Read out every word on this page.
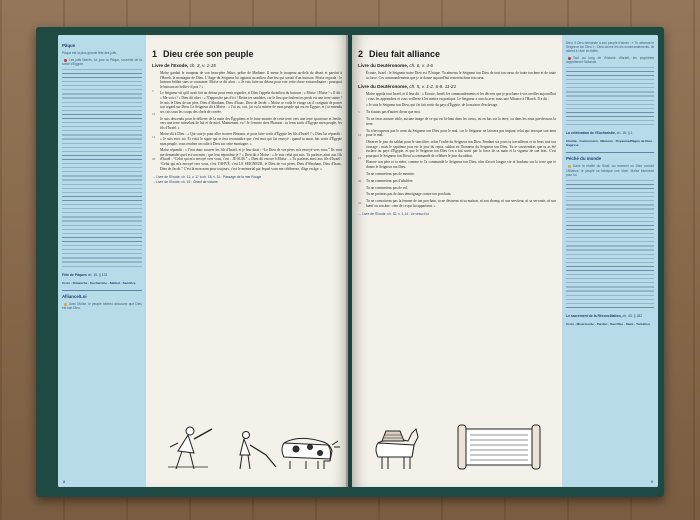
Pâque
Pâque est la plus grande fête des juifs.
Les juifs libérés, se joue la Pâque, souvenir de la sortie d'Égypte.
Fête de Pâques ch. 15, § 131
Croix · Dimanche · Eucharistie · Sabbat · Sacrifice
Alliance/Loi
Avec Moïse, le peuple hébreu découvre que Dieu est son Dieu.
1 Dieu crée son peuple
Livre de l'Exode, ch. 3, v. 1-15

Moïse gardait le troupeau de son beau-père Jéthro, prêtre de Madiane. Il mena le troupeau au-delà du désert et parvint à l'Horeb, la montagne de Dieu. L'Ange du Seigneur lui apparut au milieu d'un feu qui sortait d'un buisson. Moïse regarda : le buisson brûlait sans se consumer. Moïse se dit alors : « Je vais faire un détour pour voir cette chose extraordinaire : pourquoi le buisson ne brûle-t-il pas ? »

Le Seigneur vit qu'il avait fait un détour pour venir regarder, et Dieu l'appela du milieu du buisson : « Moïse ! Moïse ! » Il dit : « Me voici ! » Dieu dit alors : « N'approche pas d'ici ! Retire tes sandales, car le lieu que foulent tes pieds est une terre sainte ! Je suis le Dieu de ton père, Dieu d'Abraham, Dieu d'Isaac, Dieu de Jacob. » Moïse se voila le visage car il craignait de porter son regard sur Dieu. Le Seigneur dit à Moïse : « J'ai vu, oui, j'ai vu la misère de mon peuple qui est en Égypte, et j'ai entendu ses cris sous les coups des chefs de corvée.

Je suis descendu pour le délivrer de la main des Égyptiens et le faire monter de cette terre vers une terre spacieuse et fertile, vers une terre ruisselant de lait et de miel. Maintenant, va ! Je t'envoie chez Pharaon : tu feras sortir d'Égypte mon peuple, les fils d'Israël. »

Moïse dit à Dieu : « Qui suis-je pour aller trouver Pharaon, et pour faire sortir d'Égypte les fils d'Israël ? » Dieu lui répondit : « Je suis avec toi. Et voici le signe qui te fera reconnaître que c'est moi qui t'ai envoyé : quand tu auras fait sortir d'Égypte mon peuple, vous rendrez un culte à Dieu sur cette montagne. »

Moïse répondit : « J'irai donc trouver les fils d'Israël, et je leur dirai : “Le Dieu de vos pères m'a envoyé vers vous.” Ils vont me demander quel est son nom ; que leur répondrai-je ? » Dieu dit à Moïse : « Je suis celui qui suis. Tu parleras ainsi aux fils d'Israël : “Celui qui m'a envoyé vers vous, c'est : JE-SUIS.” » Dieu dit encore à Moïse : « Tu parleras ainsi aux fils d'Israël : “Celui qui m'a envoyé vers vous, c'est YAHVÉ, c'est LE SEIGNEUR, le Dieu de vos pères, Dieu d'Abraham, Dieu d'Isaac, Dieu de Jacob.” C'est là mon nom pour toujours, c'est le mémorial par lequel vous me célébrerez, d'âge en âge. »

5
10
15
20
→ Livre de l'Exode, ch. 11, v. 17 à ch. 18, v. 31 : Passage de la mer Rouge
→ Livre de l'Exode, ch. 15 : Chant de victoire
8
2 Dieu fait alliance
Livre du Deutéronome, ch. 6, v. 4-6

Écoute, Israël : le Seigneur notre Dieu est l'Unique. Tu aimeras le Seigneur ton Dieu de tout ton cœur, de toute ton âme et de toute ta force. Ces commandements que je te donne aujourd'hui resteront dans ton cœur.

Livre du Deutéronome, ch. 5, v. 1-2. 6-8. 11-21

Moïse appela tout Israël, et il leur dit : « Écoute, Israël, les commandements et les décrets que je proclame à vos oreilles aujourd'hui ; vous les apprendrez et vous veillerez à les mettre en pratique. Le Seigneur a conclu avec nous une Alliance à l'Horeb. Il a dit :

« Je suis le Seigneur ton Dieu, qui t'ai fait sortir du pays d'Égypte, de la maison d'esclavage.

Tu n'auras pas d'autres dieux que moi.

Tu ne feras aucune idole, aucune image de ce qui est là-haut dans les cieux, ou en bas sur la terre, ou dans les eaux par-dessous la terre.

Tu n'invoqueras pas le nom du Seigneur ton Dieu pour le mal, car le Seigneur ne laissera pas impuni celui qui invoque son nom pour le mal.

Observe le jour du sabbat pour le sanctifier, selon l'ordre du Seigneur ton Dieu. Pendant six jours tu travailleras et tu feras tout ton ouvrage ; mais le septième jour est le jour du repos, sabbat en l'honneur du Seigneur ton Dieu. Tu te souviendras que tu as été esclave au pays d'Égypte, et que le Seigneur ton Dieu t'en a fait sortir par la force de sa main et la vigueur de son bras. C'est pourquoi le Seigneur ton Dieu t'a commandé de célébrer le jour du sabbat.

Honore ton père et ta mère, comme te l'a commandé le Seigneur ton Dieu, afin d'avoir longue vie et bonheur sur la terre que te donne le Seigneur ton Dieu.

Tu ne commettras pas de meurtre.

Tu ne commettras pas d'adultère.

Tu ne commettras pas de vol.

Tu ne porteras pas de faux témoignage contre ton prochain.

Tu ne convoiteras pas la femme de ton prochain, tu ne désireras ni sa maison, ni son champ, ni son serviteur, ni sa servante, ni son bœuf ou son âne : rien de ce qui lui appartient. »

5
10
15
20
25
→ Livre de l'Exode, ch. 32, v. 1-14 : Le veau d'or
Dieu, Il Dieu demande à son peuple d'aimer : « Tu aimeras le Seigneur ton Dieu » ; Dieu donne les dix commandements. Ils aident à vivre en fidèle.
Tout au long de l'histoire d'Israël, les prophètes rappelleront l'Alliance.
La célébration de l'Eucharistie, ch. 15, § 1
Charité · Communion · Mémoire · Royaume/Règne de Dieu · Sagesse
Péché du monde
Dans la réalité du Sinaï, au moment où Dieu conclut l'Alliance, le peuple se fabrique une idole. Moïse intercède pour lui.
Le sacrement de la Réconciliation, ch. 43, § 182
Croix · Miséricorde · Pardon · Sacrifice · Saint · Tentation
9
